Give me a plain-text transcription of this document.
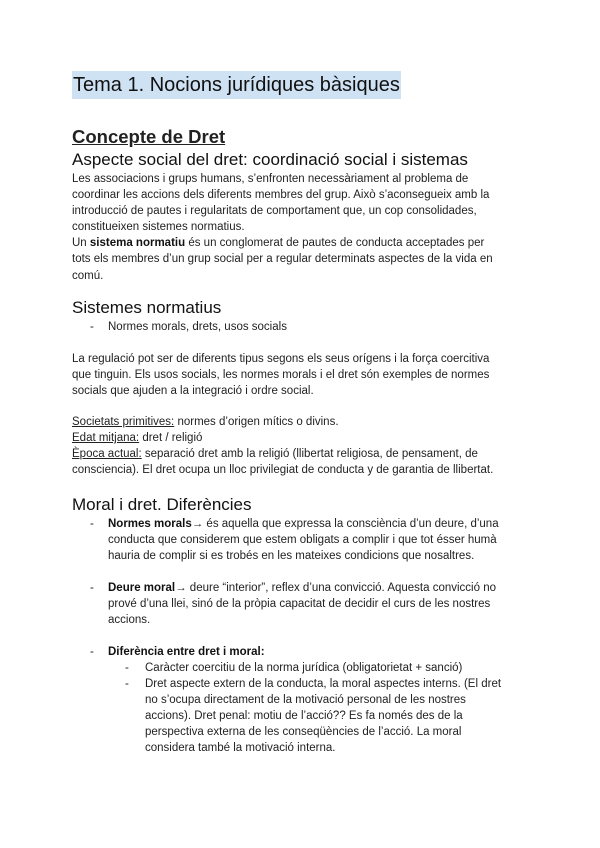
Tema 1. Nocions jurídiques bàsiques
Concepte de Dret
Aspecte social del dret: coordinació social i sistemas

Les associacions i grups humans, s’enfronten necessàriament al problema de
coordinar les accions dels diferents membres del grup. Això s’aconsegueix amb la
introducció de pautes i regularitats de comportament que, un cop consolidades,
constitueixen sistemes normatius.
Un sistema normatiu és un conglomerat de pautes de conducta acceptades per
tots els membres d’un grup social per a regular determinats aspectes de la vida en
comú.

Sistemes normatius

- Normes morals, drets, usos socials

La regulació pot ser de diferents tipus segons els seus orígens i la força coercitiva
que tinguin. Els usos socials, les normes morals i el dret són exemples de normes
socials que ajuden a la integració i ordre social.

Societats primitives: normes d’origen mítics o divins.
Edat mitjana: dret / religió
Època actual: separació dret amb la religió (llibertat religiosa, de pensament, de
consciencia). El dret ocupa un lloc privilegiat de conducta y de garantia de llibertat.

Moral i dret. Diferències
- Normes morals→ és aquella que expressa la consciència d’un deure, d’una
conducta que considerem que estem obligats a complir i que tot ésser humà
hauria de complir si es trobés en les mateixes condicions que nosaltres.
- Deure moral→ deure “interior”, reflex d’una convicció. Aquesta convicció no
prové d’una llei, sinó de la pròpia capacitat de decidir el curs de les nostres
accions.
- Diferència entre dret i moral:
- Caràcter coercitiu de la norma jurídica (obligatorietat + sanció)
- Dret aspecte extern de la conducta, la moral aspectes interns. (El dret
no s’ocupa directament de la motivació personal de les nostres
accions). Dret penal: motiu de l’acció?? Es fa només des de la
perspectiva externa de les conseqüències de l’acció. La moral
considera també la motivació interna.
